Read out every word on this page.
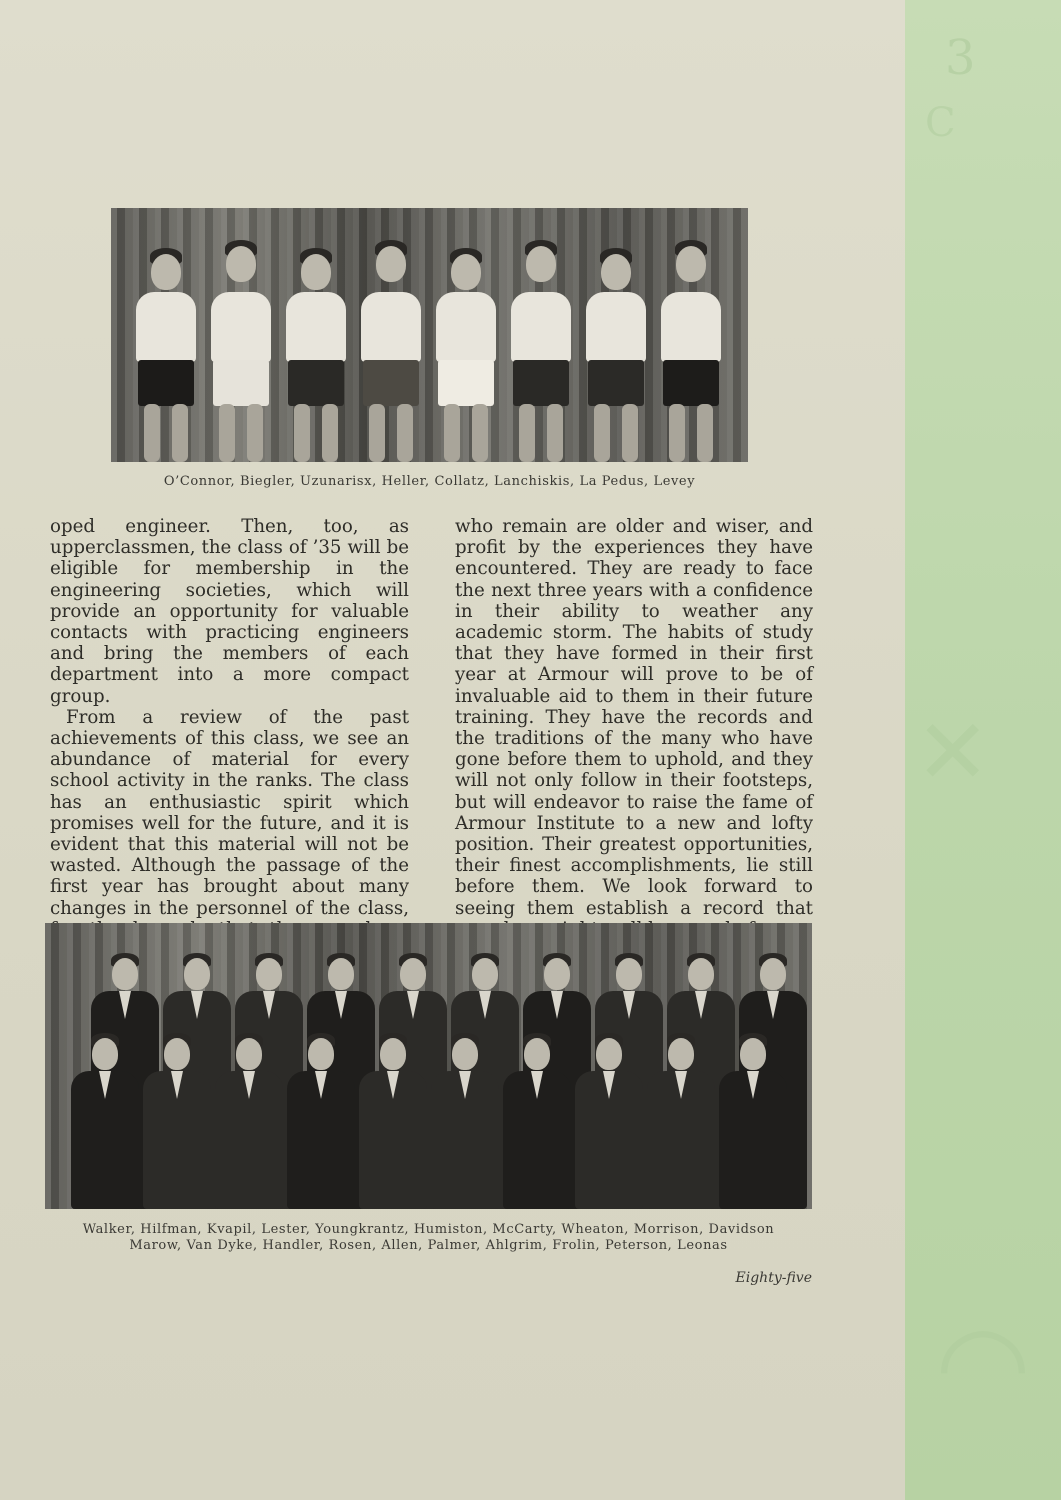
3
C
✕
◠
O’Connor, Biegler, Uzunarisx, Heller, Collatz, Lanchiskis, La Pedus, Levey

oped engineer. Then, too, as upperclassmen, the class of ’35 will be eligible for membership in the engineering societies, which will provide an opportunity for valuable contacts with practicing engineers and bring the members of each department into a more compact group.

From a review of the past achievements of this class, we see an abundance of material for every school activity in the ranks. The class has an enthusiastic spirit which promises well for the future, and it is evident that this material will not be wasted. Although the passage of the first year has brought about many changes in the personnel of the class,

who remain are older and wiser, and profit by the experiences they have encountered. They are ready to face the next three years with a confidence in their ability to weather any academic storm. The habits of study that they have formed in their first year at Armour will prove to be of invaluable aid to them in their future training. They have the records and the traditions of the many who have gone before them to uphold, and they will not only follow in their footsteps, but will endeavor to raise the fame of Armour Institute to a new and lofty position. Their greatest opportunities, their finest accomplishments, lie still before them. We look forward to seeing them establish a record that

Walker, Hilfman, Kvapil, Lester, Youngkrantz, Humiston, McCarty, Wheaton, Morrison, Davidson
Marow, Van Dyke, Handler, Rosen, Allen, Palmer, Ahlgrim, Frolin, Peterson, Leonas
Eighty-five
